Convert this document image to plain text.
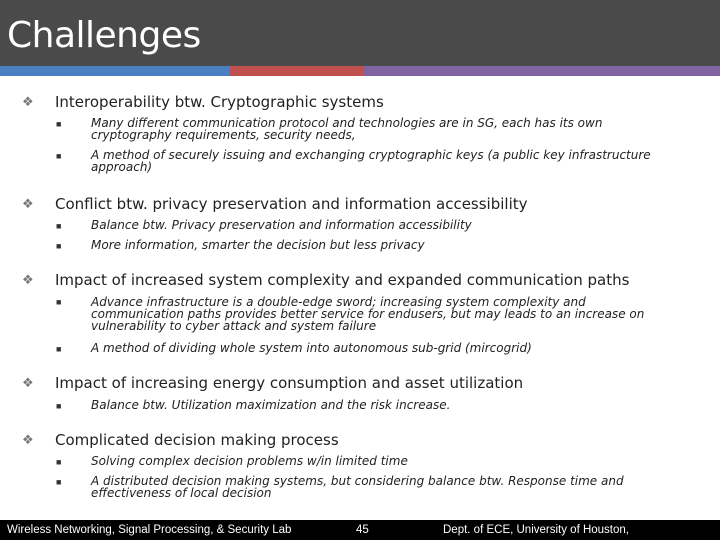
Challenges
❖ Interoperability btw. Cryptographic systems
■ Many different communication protocol and technologies are in SG, each has its own cryptography requirements, security needs,
■ A method of securely issuing and exchanging cryptographic keys (a public key infrastructure approach)
❖ Conflict btw. privacy preservation and information accessibility
■ Balance btw. Privacy preservation and information accessibility
■ More information, smarter the decision but less privacy
❖ Impact of increased system complexity and expanded communication paths
■ Advance infrastructure is a double-edge sword; increasing system complexity and communication paths provides better service for endusers, but may leads to an increase on vulnerability to cyber attack and system failure
■ A method of dividing whole system into autonomous sub-grid (mircogrid)
❖ Impact of increasing energy consumption and asset utilization
■ Balance btw. Utilization maximization and the risk increase.
❖ Complicated decision making process
■ Solving complex decision problems w/in limited time
■ A distributed decision making systems, but considering balance btw. Response time and effectiveness of local decision
Wireless Networking, Signal Processing, & Security Lab	45	Dept. of ECE, University of Houston,
